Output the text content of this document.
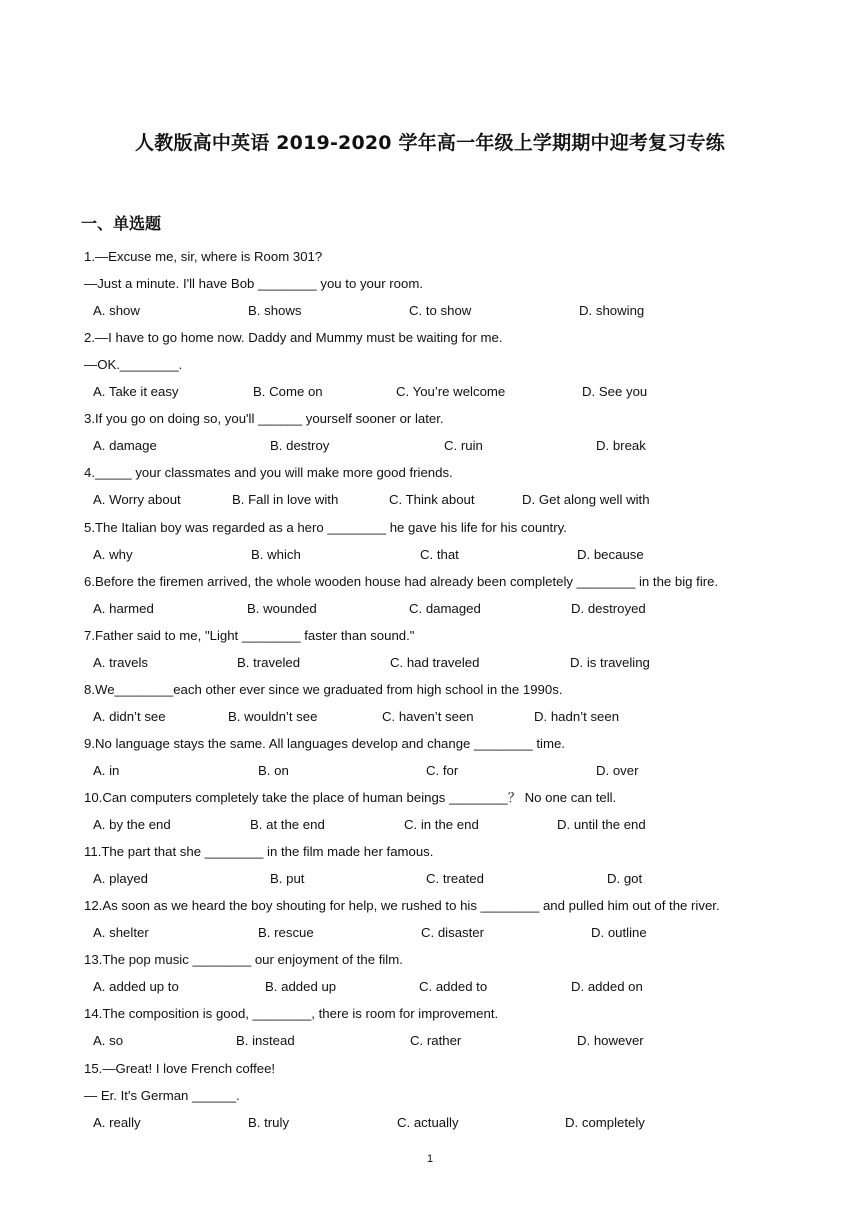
人教版高中英语 2019-2020 学年高一年级上学期期中迎考复习专练
一、单选题
1.—Excuse me, sir, where is Room 301?
—Just a minute. I'll have Bob ________ you to your room.
A. show	B. shows	C. to show	D. showing
2.—I have to go home now. Daddy and Mummy must be waiting for me.
—OK.________.
A. Take it easy	B. Come on	C. You’re welcome	D. See you
3.If you go on doing so, you'll ______ yourself sooner or later.
A. damage	B. destroy	C. ruin	D. break
4._____ your classmates and you will make more good friends.
A. Worry about	B. Fall in love with	C. Think about	D. Get along well with
5.The Italian boy was regarded as a hero ________ he gave his life for his country.
A. why	B. which	C. that	D. because
6.Before the firemen arrived, the whole wooden house had already been completely ________ in the big fire.
A. harmed	B. wounded	C. damaged	D. destroyed
7.Father said to me, "Light ________ faster than sound."
A. travels	B. traveled	C. had traveled	D. is traveling
8.We________each other ever since we graduated from high school in the 1990s.
A. didn’t see	B. wouldn’t see	C. haven’t seen	D. hadn’t seen
9.No language stays the same. All languages develop and change ________ time.
A. in	B. on	C. for	D. over
10.Can computers completely take the place of human beings ________？ No one can tell.
A. by the end	B. at the end	C. in the end	D. until the end
11.The part that she ________ in the film made her famous.
A. played	B. put	C. treated	D. got
12.As soon as we heard the boy shouting for help, we rushed to his ________ and pulled him out of the river.
A. shelter	B. rescue	C. disaster	D. outline
13.The pop music ________ our enjoyment of the film.
A. added up to	B. added up	C. added to	D. added on
14.The composition is good, ________, there is room for improvement.
A. so	B. instead	C. rather	D. however
15.—Great! I love French coffee!
— Er. It's German ______.
A. really	B. truly	C. actually	D. completely
1
